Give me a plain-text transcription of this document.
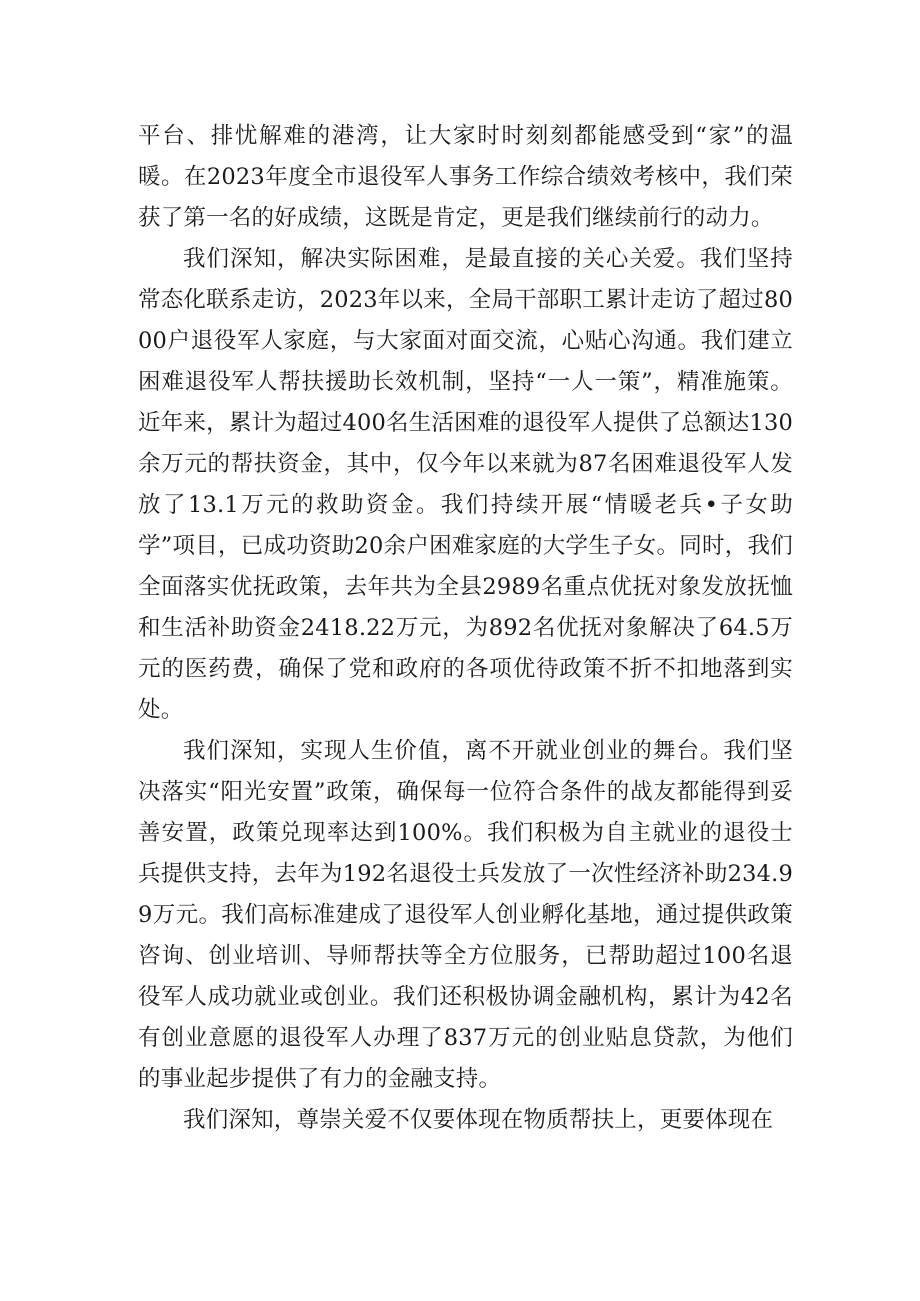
平台、排忧解难的港湾，让大家时时刻刻都能感受到“家”的温暖。在2023年度全市退役军人事务工作综合绩效考核中，我们荣获了第一名的好成绩，这既是肯定，更是我们继续前行的动力。

我们深知，解决实际困难，是最直接的关心关爱。我们坚持常态化联系走访，2023年以来，全局干部职工累计走访了超过8000户退役军人家庭，与大家面对面交流，心贴心沟通。我们建立困难退役军人帮扶援助长效机制，坚持“一人一策”，精准施策。近年来，累计为超过400名生活困难的退役军人提供了总额达130余万元的帮扶资金，其中，仅今年以来就为87名困难退役军人发放了13.1万元的救助资金。我们持续开展“情暖老兵•子女助学”项目，已成功资助20余户困难家庭的大学生子女。同时，我们全面落实优抚政策，去年共为全县2989名重点优抚对象发放抚恤和生活补助资金2418.22万元，为892名优抚对象解决了64.5万元的医药费，确保了党和政府的各项优待政策不折不扣地落到实处。

我们深知，实现人生价值，离不开就业创业的舞台。我们坚决落实“阳光安置”政策，确保每一位符合条件的战友都能得到妥善安置，政策兑现率达到100%。我们积极为自主就业的退役士兵提供支持，去年为192名退役士兵发放了一次性经济补助234.99万元。我们高标准建成了退役军人创业孵化基地，通过提供政策咨询、创业培训、导师帮扶等全方位服务，已帮助超过100名退役军人成功就业或创业。我们还积极协调金融机构，累计为42名有创业意愿的退役军人办理了837万元的创业贴息贷款，为他们的事业起步提供了有力的金融支持。

我们深知，尊崇关爱不仅要体现在物质帮扶上，更要体现在
